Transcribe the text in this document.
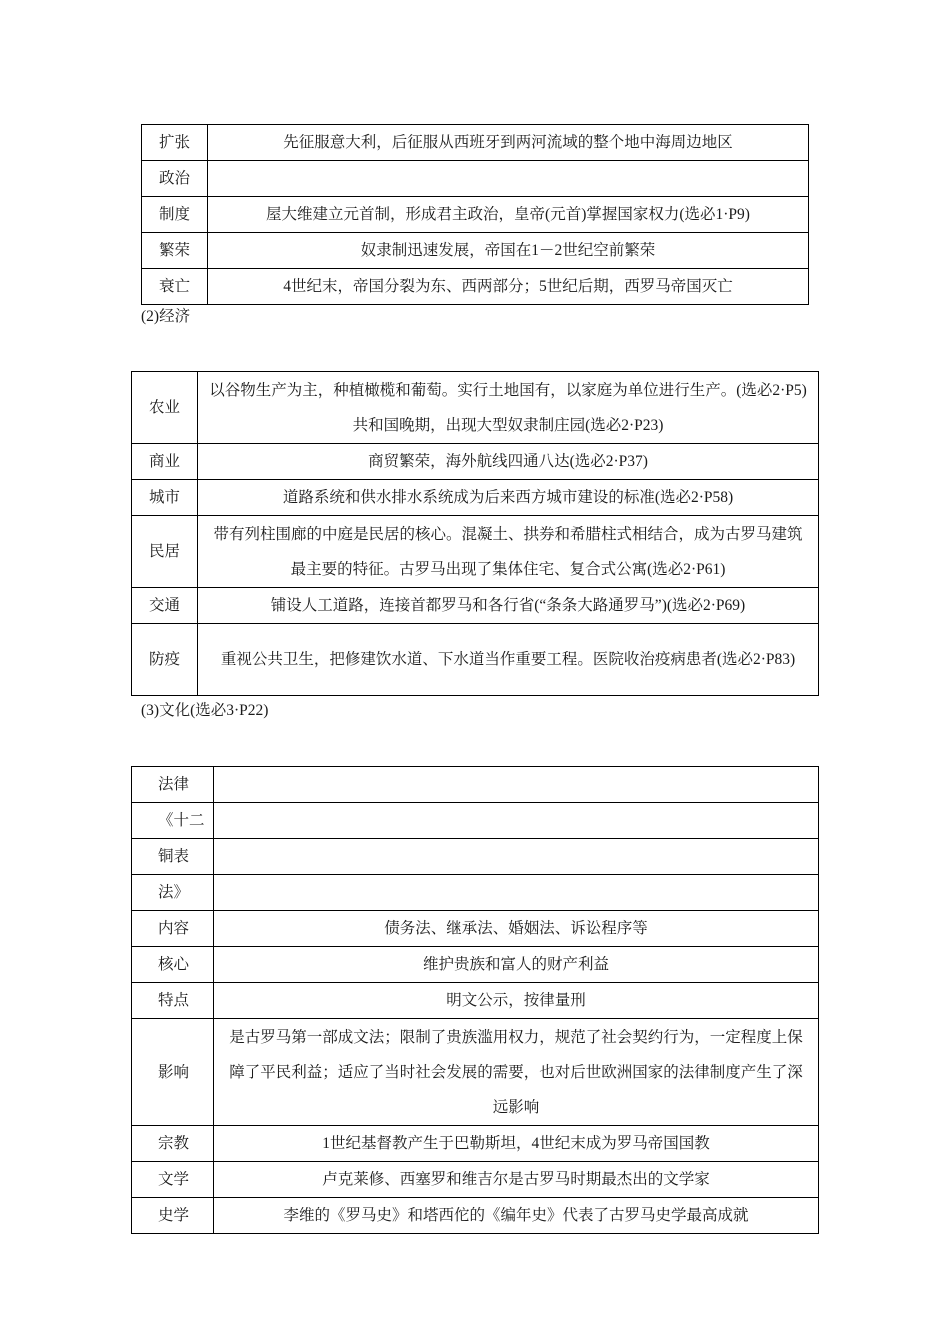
扩张	先征服意大利，后征服从西班牙到两河流域的整个地中海周边地区
政治	
制度	屋大维建立元首制，形成君主政治，皇帝(元首)掌握国家权力(选必1·P9)
繁荣	奴隶制迅速发展，帝国在1－2世纪空前繁荣
衰亡	4世纪末，帝国分裂为东、西两部分；5世纪后期，西罗马帝国灭亡
(2)经济
农业	以谷物生产为主，种植橄榄和葡萄。实行土地国有，以家庭为单位进行生产。(选必2·P5)共和国晚期，出现大型奴隶制庄园(选必2·P23)
商业	商贸繁荣，海外航线四通八达(选必2·P37)
城市	道路系统和供水排水系统成为后来西方城市建设的标准(选必2·P58)
民居	带有列柱围廊的中庭是民居的核心。混凝土、拱券和希腊柱式相结合，成为古罗马建筑最主要的特征。古罗马出现了集体住宅、复合式公寓(选必2·P61)
交通	铺设人工道路，连接首都罗马和各行省(“条条大路通罗马”)(选必2·P69)
防疫	重视公共卫生，把修建饮水道、下水道当作重要工程。医院收治疫病患者(选必2·P83)
(3)文化(选必3·P22)
法律	
《十二	
铜表	
法》	
内容	债务法、继承法、婚姻法、诉讼程序等
核心	维护贵族和富人的财产利益
特点	明文公示，按律量刑
影响	是古罗马第一部成文法；限制了贵族滥用权力，规范了社会契约行为，一定程度上保障了平民利益；适应了当时社会发展的需要，也对后世欧洲国家的法律制度产生了深远影响
宗教	1世纪基督教产生于巴勒斯坦，4世纪末成为罗马帝国国教
文学	卢克莱修、西塞罗和维吉尔是古罗马时期最杰出的文学家
史学	李维的《罗马史》和塔西佗的《编年史》代表了古罗马史学最高成就
